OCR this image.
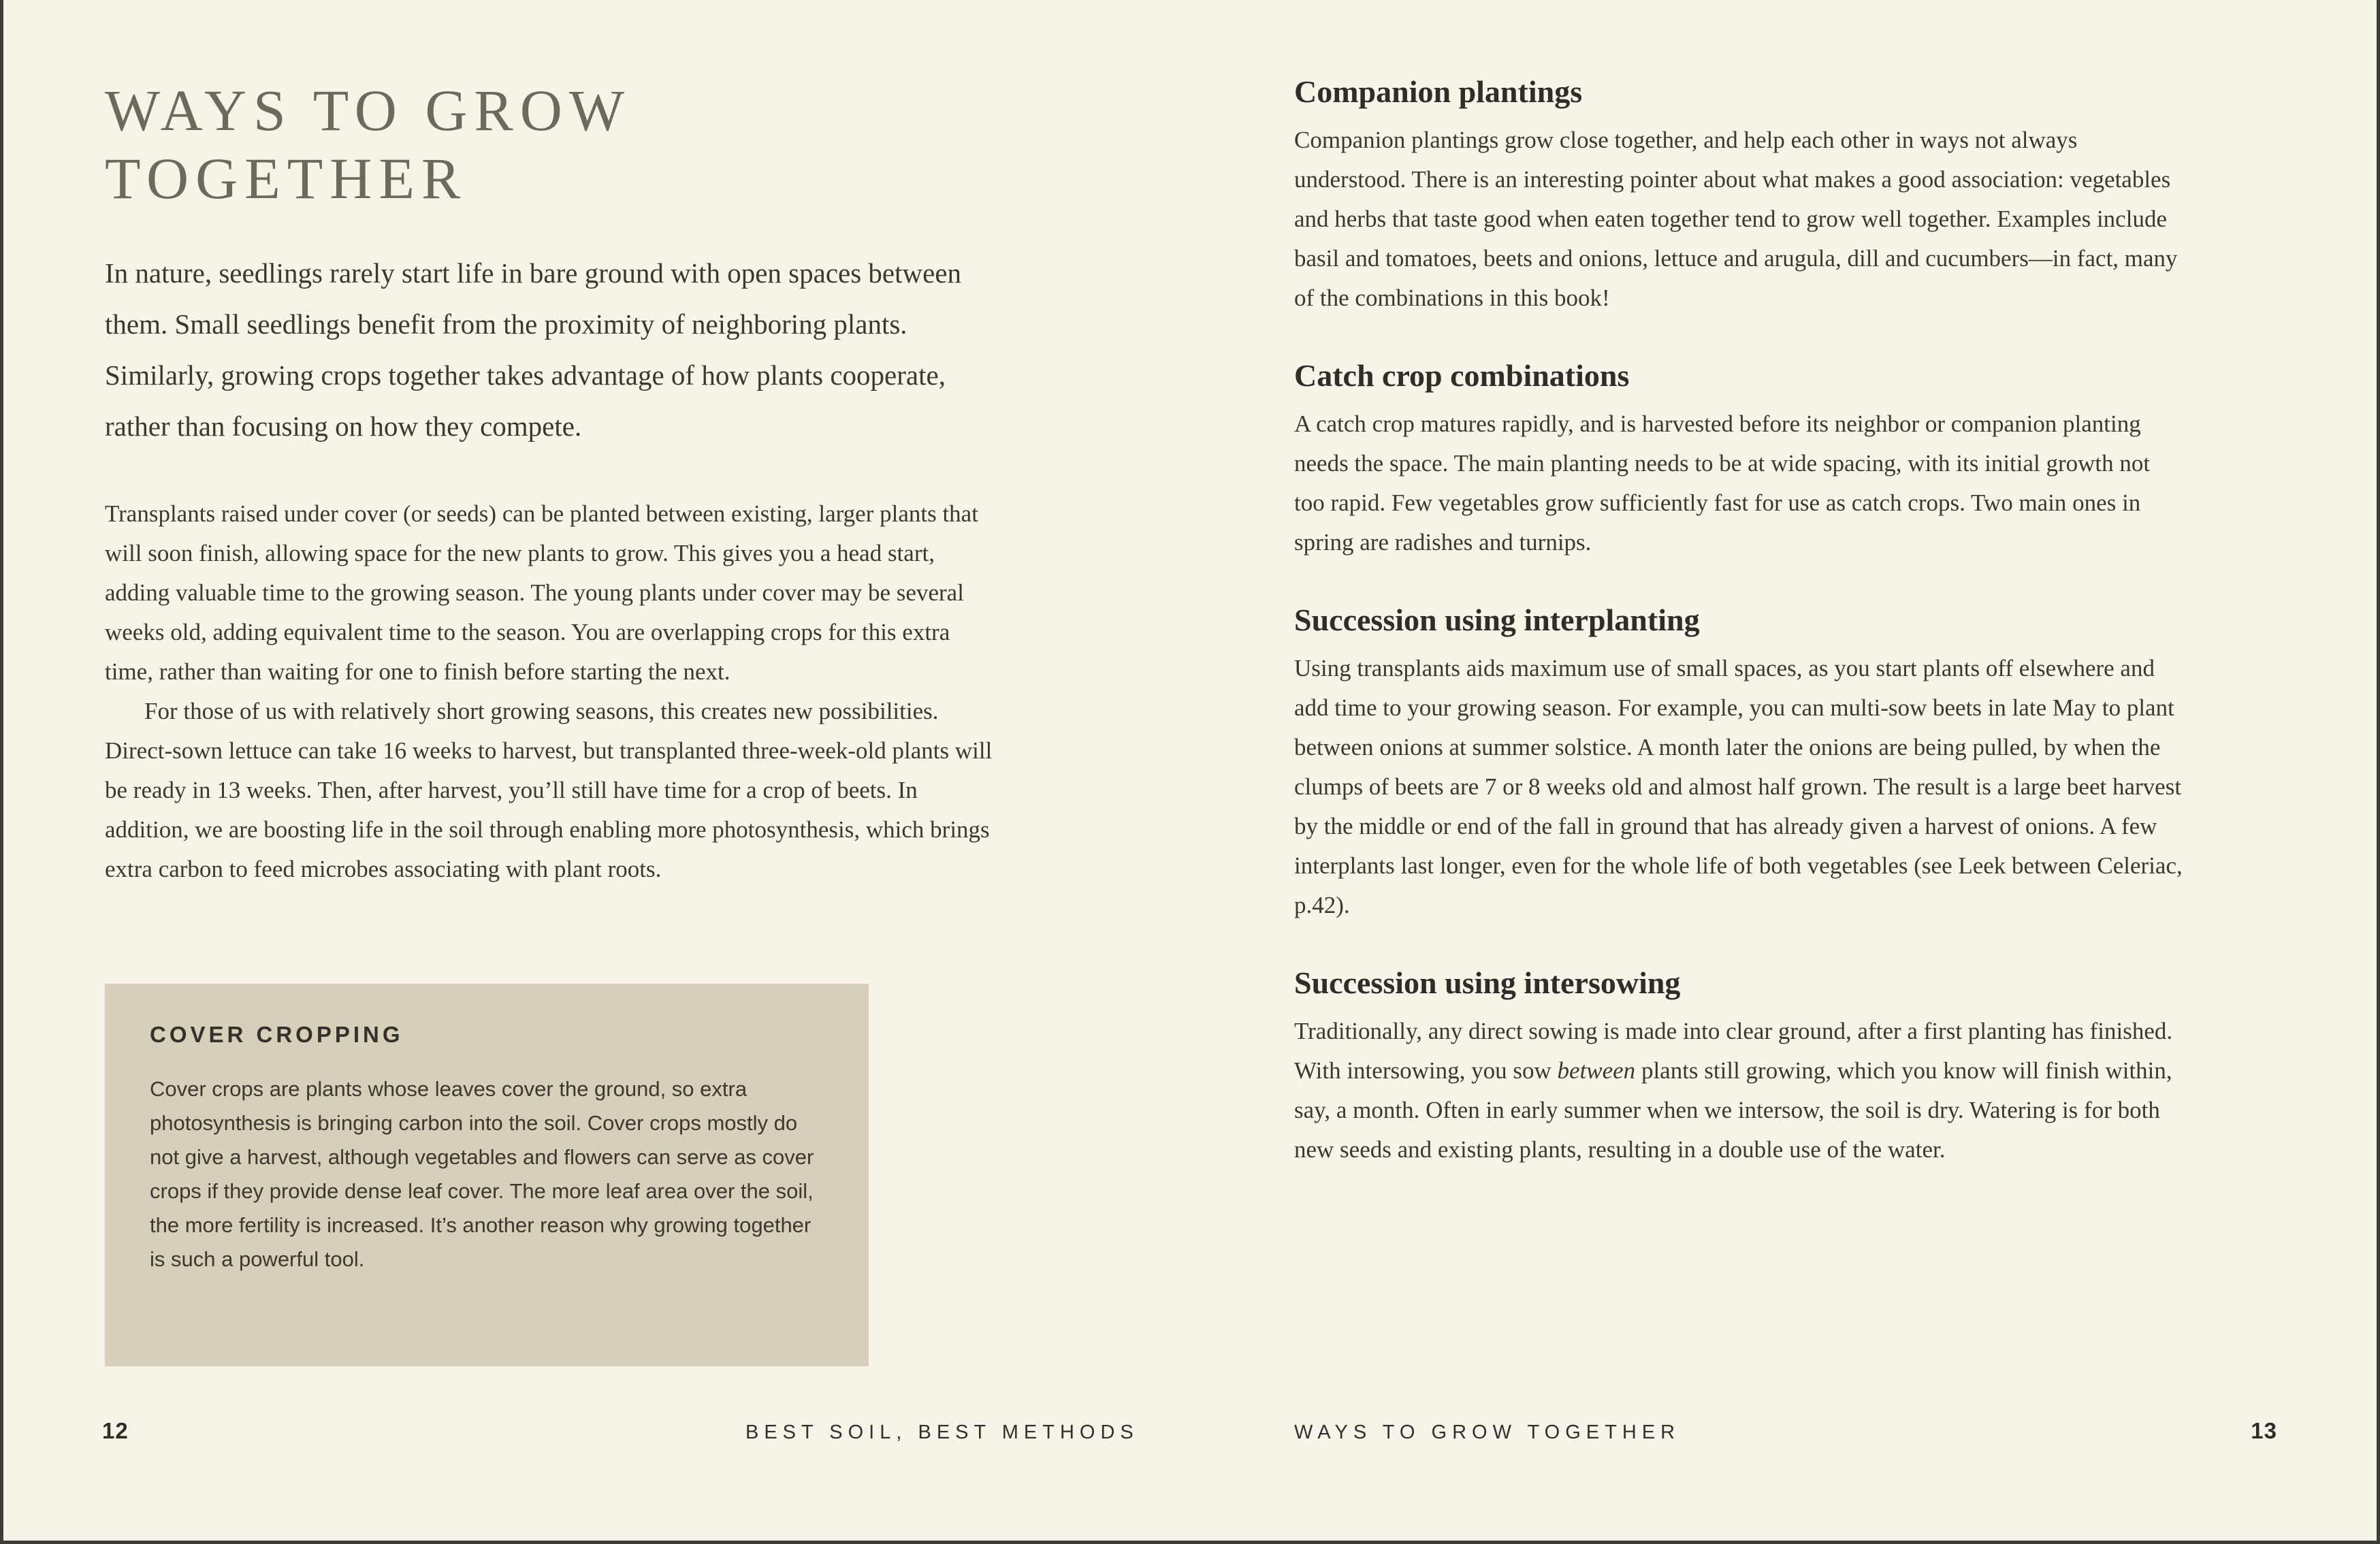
WAYS TO GROW TOGETHER

In nature, seedlings rarely start life in bare ground with open spaces between them. Small seedlings benefit from the proximity of neighboring plants. Similarly, growing crops together takes advantage of how plants cooperate, rather than focusing on how they compete.

Transplants raised under cover (or seeds) can be planted between existing, larger plants that will soon finish, allowing space for the new plants to grow. This gives you a head start, adding valuable time to the growing season. The young plants under cover may be several weeks old, adding equivalent time to the season. You are overlapping crops for this extra time, rather than waiting for one to finish before starting the next.

For those of us with relatively short growing seasons, this creates new possibilities. Direct-sown lettuce can take 16 weeks to harvest, but transplanted three-week-old plants will be ready in 13 weeks. Then, after harvest, you’ll still have time for a crop of beets. In addition, we are boosting life in the soil through enabling more photosynthesis, which brings extra carbon to feed microbes associating with plant roots.

COVER CROPPING

Cover crops are plants whose leaves cover the ground, so extra photosynthesis is bringing carbon into the soil. Cover crops mostly do not give a harvest, although vegetables and flowers can serve as cover crops if they provide dense leaf cover. The more leaf area over the soil, the more fertility is increased. It’s another reason why growing together is such a powerful tool.

Companion plantings

Companion plantings grow close together, and help each other in ways not always understood. There is an interesting pointer about what makes a good association: vegetables and herbs that taste good when eaten together tend to grow well together. Examples include basil and tomatoes, beets and onions, lettuce and arugula, dill and cucumbers—in fact, many of the combinations in this book!

Catch crop combinations

A catch crop matures rapidly, and is harvested before its neighbor or companion planting needs the space. The main planting needs to be at wide spacing, with its initial growth not too rapid. Few vegetables grow sufficiently fast for use as catch crops. Two main ones in spring are radishes and turnips.

Succession using interplanting

Using transplants aids maximum use of small spaces, as you start plants off elsewhere and add time to your growing season. For example, you can multi-sow beets in late May to plant between onions at summer solstice. A month later the onions are being pulled, by when the clumps of beets are 7 or 8 weeks old and almost half grown. The result is a large beet harvest by the middle or end of the fall in ground that has already given a harvest of onions. A few interplants last longer, even for the whole life of both vegetables (see Leek between Celeriac, p.42).

Succession using intersowing

Traditionally, any direct sowing is made into clear ground, after a first planting has finished. With intersowing, you sow between plants still growing, which you know will finish within, say, a month. Often in early summer when we intersow, the soil is dry. Watering is for both new seeds and existing plants, resulting in a double use of the water.

12	BEST SOIL, BEST METHODS	WAYS TO GROW TOGETHER	13
